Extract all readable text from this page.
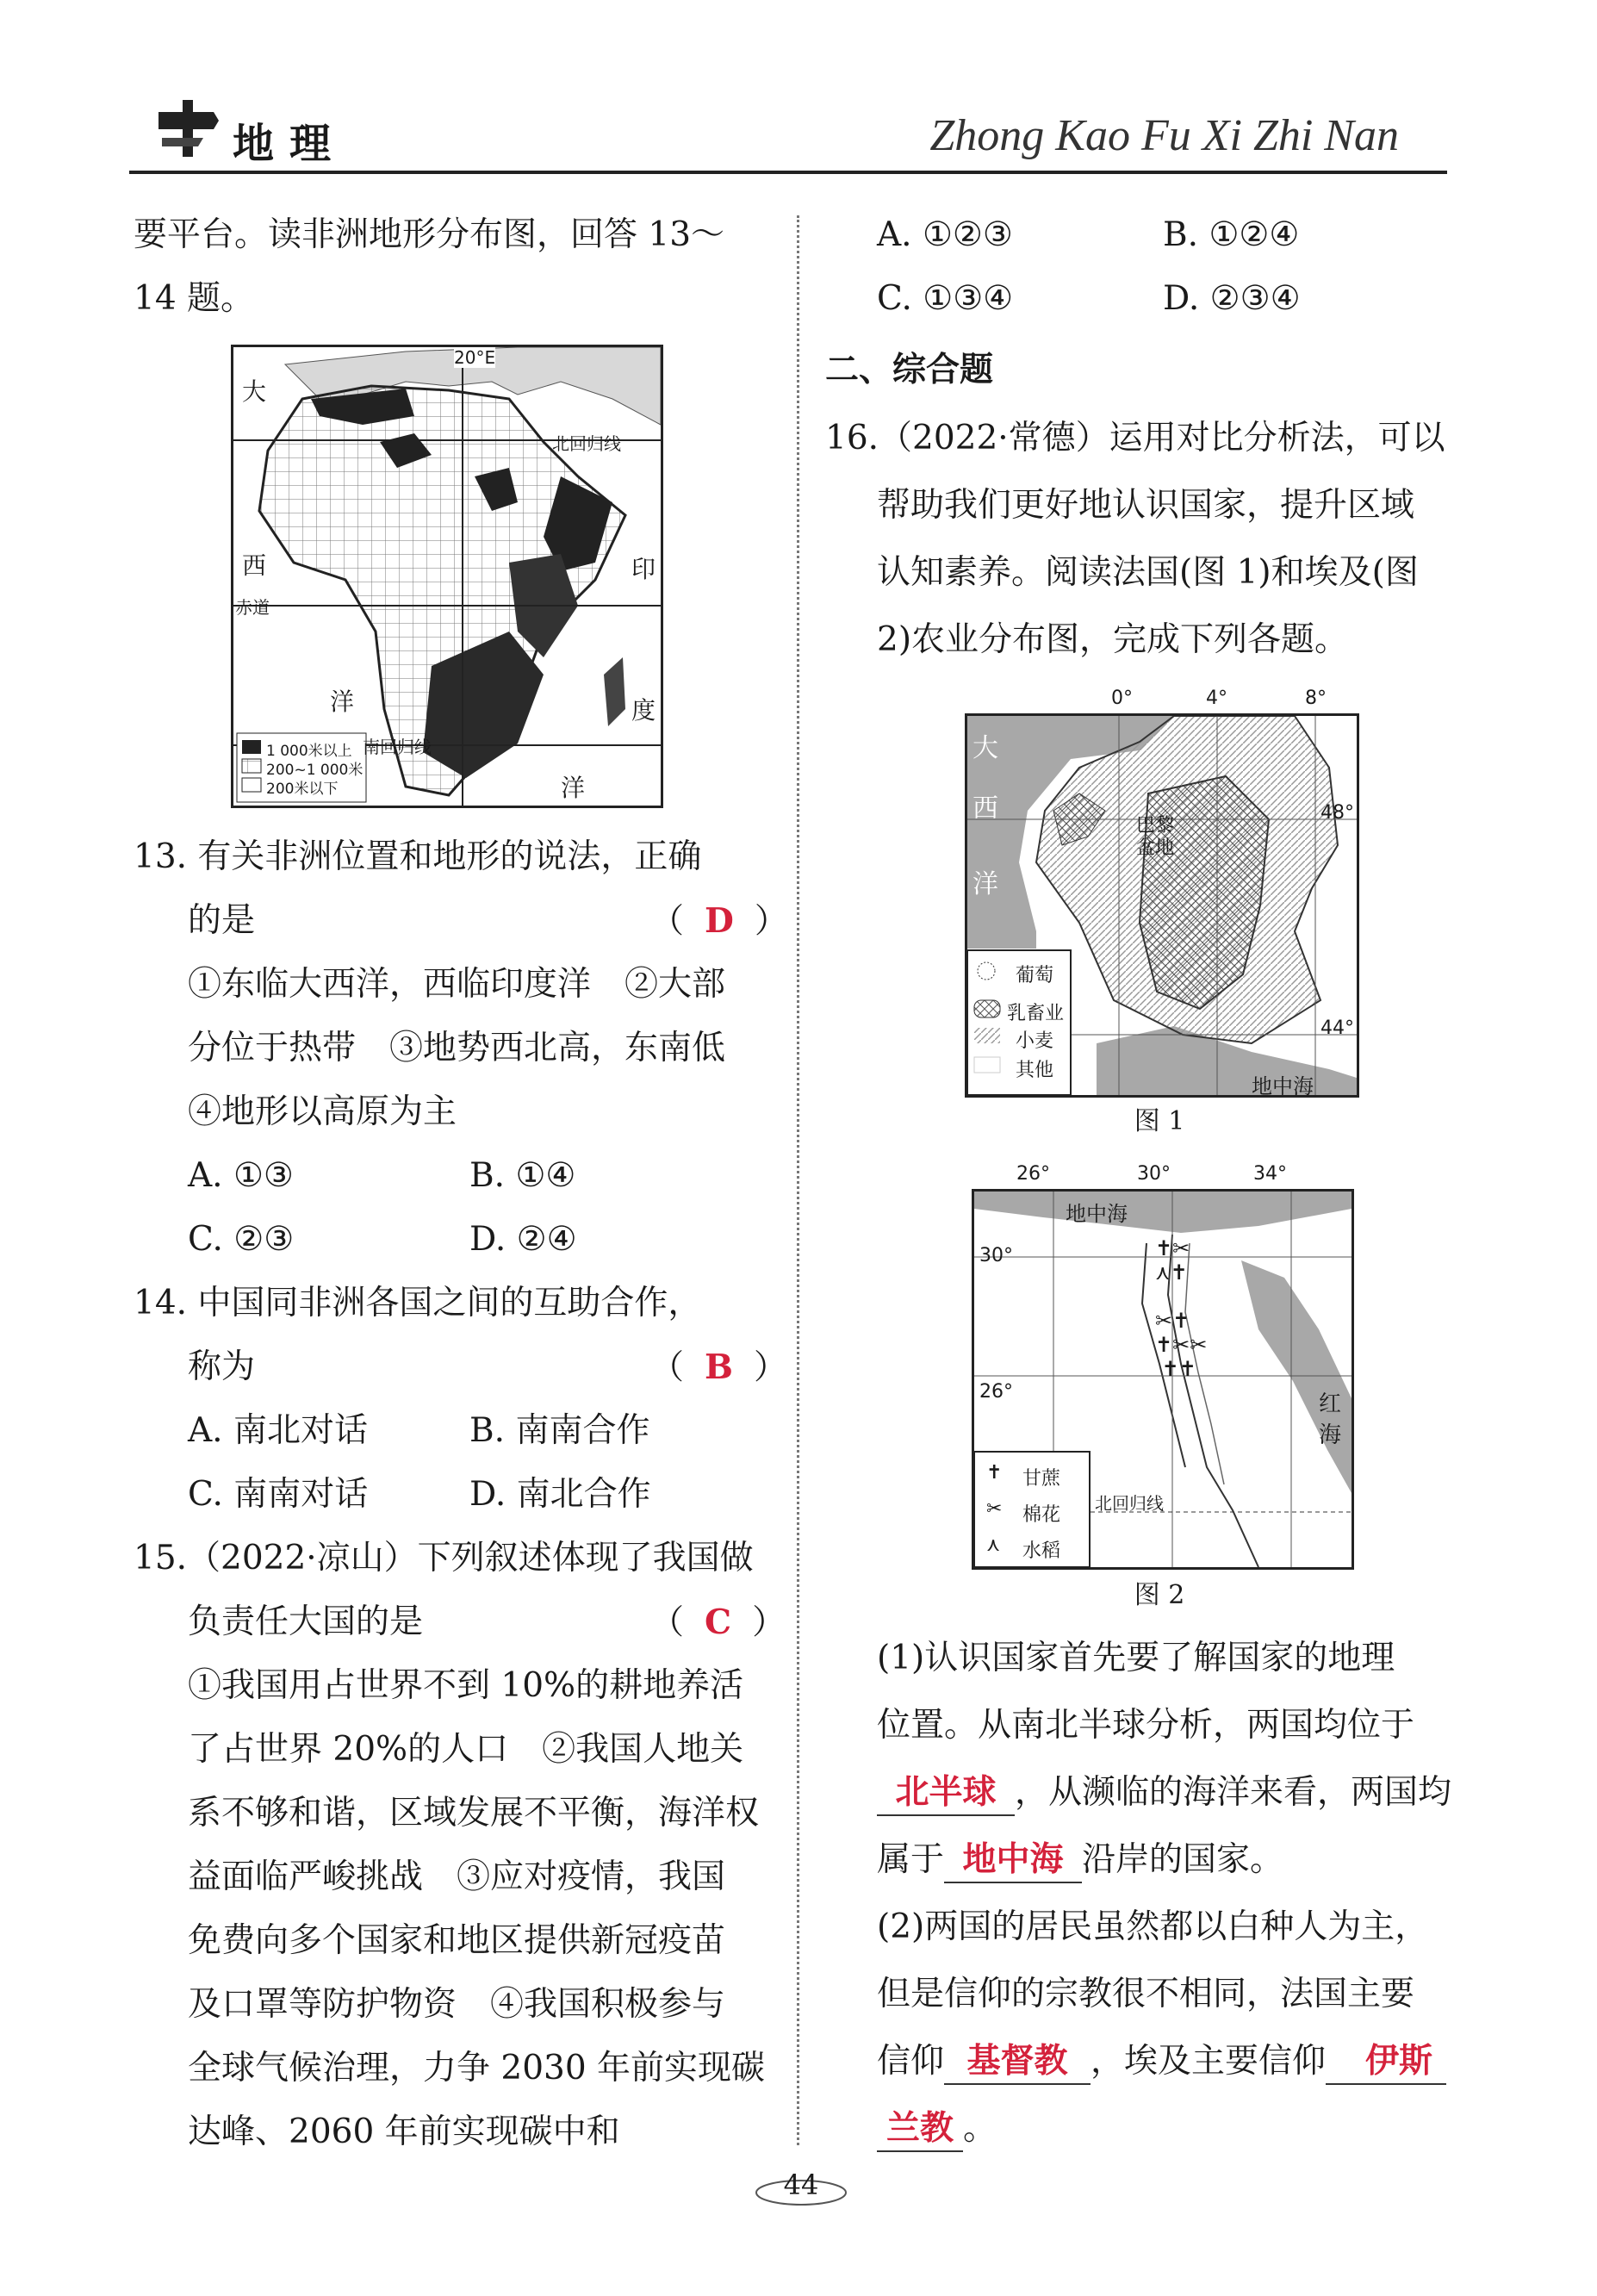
地理	Zhong Kao Fu Xi Zhi Nan
要平台。读非洲地形分布图，回答 13～
14 题。
大
西
洋
印
度
洋
20°E
北回归线
赤道
南回归线
1 000米以上
200~1 000米
200米以下
13. 有关非洲位置和地形的说法，正确
的是	（ D ）
①东临大西洋，西临印度洋　②大部
分位于热带　③地势西北高，东南低
④地形以高原为主
A. ①③	B. ①④
C. ②③	D. ②④
14. 中国同非洲各国之间的互助合作，
称为	（ B ）
A. 南北对话	B. 南南合作
C. 南南对话	D. 南北合作
15.（2022·凉山）下列叙述体现了我国做
负责任大国的是	（ C ）
①我国用占世界不到 10%的耕地养活
了占世界 20%的人口　②我国人地关
系不够和谐，区域发展不平衡，海洋权
益面临严峻挑战　③应对疫情，我国
免费向多个国家和地区提供新冠疫苗
及口罩等防护物资　④我国积极参与
全球气候治理，力争 2030 年前实现碳
达峰、2060 年前实现碳中和
A. ①②③	B. ①②④
C. ①③④	D. ②③④
二、综合题
16.（2022·常德）运用对比分析法，可以
帮助我们更好地认识国家，提升区域
认知素养。阅读法国(图 1)和埃及(图
2)农业分布图，完成下列各题。
0°	4°	8°
大
西
洋
巴黎
盆地
48°
44°
地中海
葡萄
乳畜业
小麦
其他
图 1
26°	30°	34°
30°
26°
地中海
红
海
北回归线
✝
✂
⋏
甘蔗
棉花
水稻
✝✂
⋏✝

✂✝
✝✂✂
✝✝
图 2
(1)认识国家首先要了解国家的地理
位置。从南北半球分析，两国均位于
北半球 ，从濒临的海洋来看，两国均
属于 地中海 沿岸的国家。
(2)两国的居民虽然都以白种人为主，
但是信仰的宗教很不相同，法国主要
信仰 基督教 ，埃及主要信仰 伊斯
兰教 。
44
